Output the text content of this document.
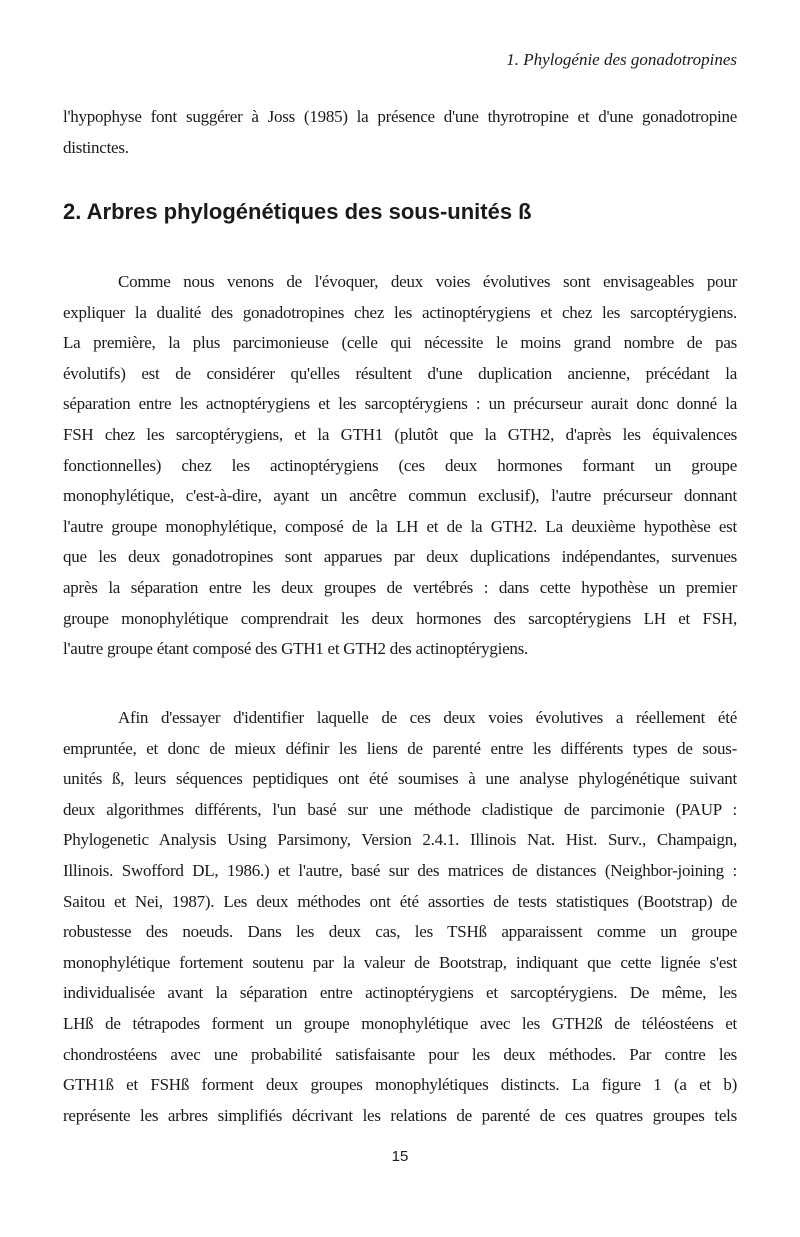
1. Phylogénie des gonadotropines
l'hypophyse font suggérer à Joss (1985) la présence d'une thyrotropine et d'une gonadotropine
distinctes.
2. Arbres phylogénétiques des sous-unités ß
Comme nous venons de l'évoquer, deux voies évolutives sont envisageables pour
expliquer la dualité des gonadotropines chez les actinoptérygiens et chez les sarcoptérygiens.
La première, la plus parcimonieuse (celle qui nécessite le moins grand nombre de pas
évolutifs) est de considérer qu'elles résultent d'une duplication ancienne, précédant la
séparation entre les actnoptérygiens et les sarcoptérygiens : un précurseur aurait donc donné la
FSH chez les sarcoptérygiens, et la GTH1 (plutôt que la GTH2, d'après les équivalences
fonctionnelles) chez les actinoptérygiens (ces deux hormones formant un groupe
monophylétique, c'est-à-dire, ayant un ancêtre commun exclusif), l'autre précurseur donnant
l'autre groupe monophylétique, composé de la LH et de la GTH2. La deuxième hypothèse est
que les deux gonadotropines sont apparues par deux duplications indépendantes, survenues
après la séparation entre les deux groupes de vertébrés : dans cette hypothèse un premier
groupe monophylétique comprendrait les deux hormones des sarcoptérygiens LH et FSH,
l'autre groupe étant composé des GTH1 et GTH2 des actinoptérygiens.
Afin d'essayer d'identifier laquelle de ces deux voies évolutives a réellement été
empruntée, et donc de mieux définir les liens de parenté entre les différents types de sous-
unités ß, leurs séquences peptidiques ont été soumises à une analyse phylogénétique suivant
deux algorithmes différents, l'un basé sur une méthode cladistique de parcimonie (PAUP :
Phylogenetic Analysis Using Parsimony, Version 2.4.1. Illinois Nat. Hist. Surv., Champaign,
Illinois. Swofford DL, 1986.) et l'autre, basé sur des matrices de distances (Neighbor-joining :
Saitou et Nei, 1987). Les deux méthodes ont été assorties de tests statistiques (Bootstrap) de
robustesse des noeuds. Dans les deux cas, les TSHß apparaissent comme un groupe
monophylétique fortement soutenu par la valeur de Bootstrap, indiquant que cette lignée s'est
individualisée avant la séparation entre actinoptérygiens et sarcoptérygiens. De même, les
LHß de tétrapodes forment un groupe monophylétique avec les GTH2ß de téléostéens et
chondrostéens avec une probabilité satisfaisante pour les deux méthodes. Par contre les
GTH1ß et FSHß forment deux groupes monophylétiques distincts. La figure 1 (a et b)
représente les arbres simplifiés décrivant les relations de parenté de ces quatres groupes tels
15
